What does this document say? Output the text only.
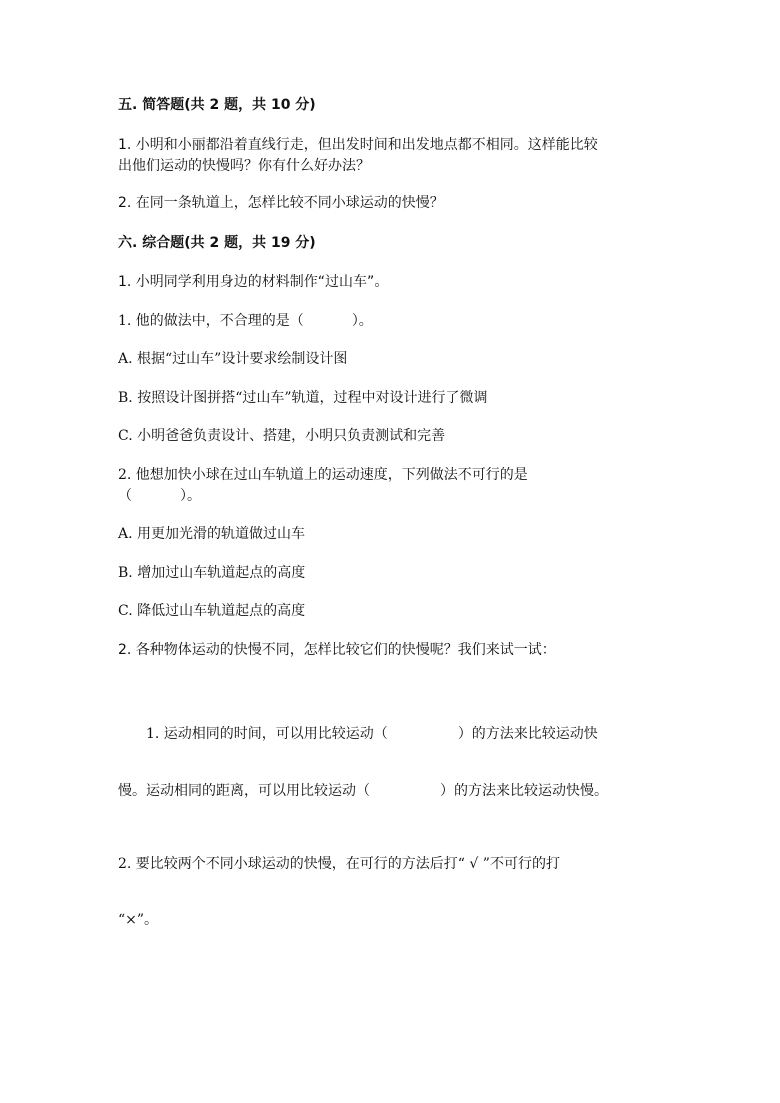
五. 简答题(共 2 题，共 10 分)
1. 小明和小丽都沿着直线行走，但出发时间和出发地点都不相同。这样能比较
出他们运动的快慢吗？你有什么好办法？
2. 在同一条轨道上，怎样比较不同小球运动的快慢？
六. 综合题(共 2 题，共 19 分)
1. 小明同学利用身边的材料制作“过山车”。
1. 他的做法中，不合理的是（	）。
A. 根据“过山车”设计要求绘制设计图
B. 按照设计图拼搭“过山车”轨道，过程中对设计进行了微调
C. 小明爸爸负责设计、搭建，小明只负责测试和完善
2. 他想加快小球在过山车轨道上的运动速度，下列做法不可行的是
（	）。
A. 用更加光滑的轨道做过山车
B. 增加过山车轨道起点的高度
C. 降低过山车轨道起点的高度
2. 各种物体运动的快慢不同，怎样比较它们的快慢呢？我们来试一试：
1. 运动相同的时间，可以用比较运动（	）的方法来比较运动快
慢。运动相同的距离，可以用比较运动（	）的方法来比较运动快慢。
2. 要比较两个不同小球运动的快慢，在可行的方法后打“ √ ”不可行的打
“×”。
